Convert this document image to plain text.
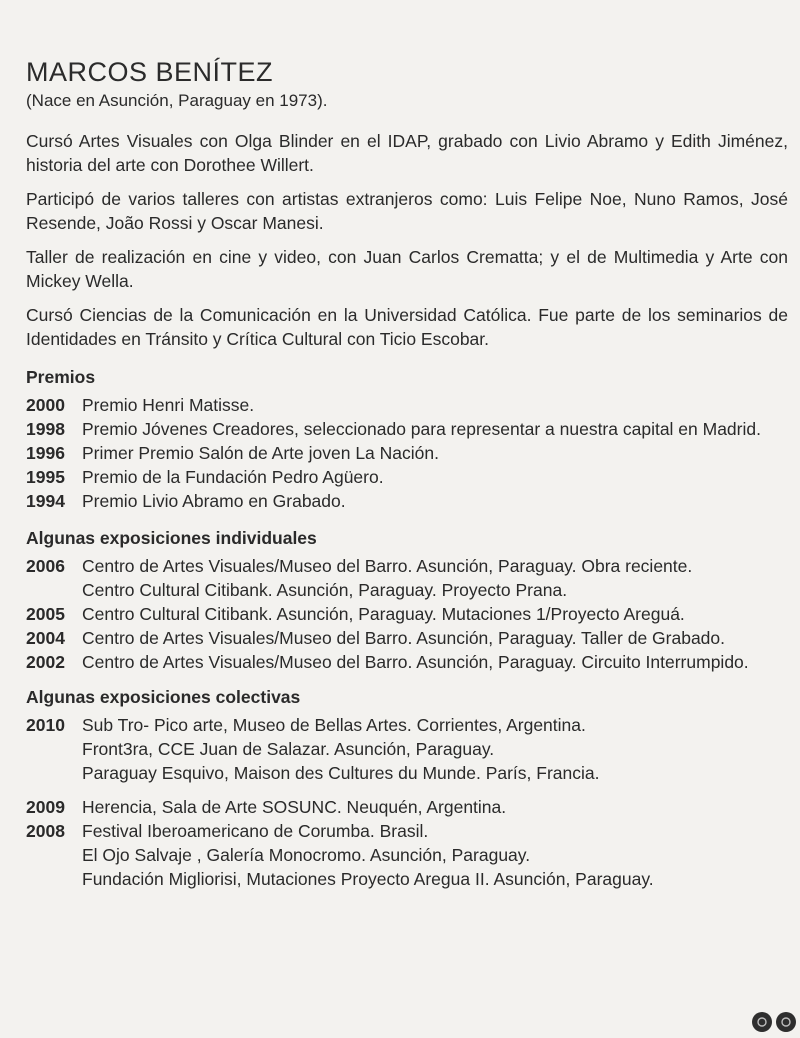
MARCOS BENÍTEZ

(Nace en Asunción, Paraguay en 1973).

Cursó Artes Visuales con Olga Blinder en el IDAP, grabado con Livio Abramo y Edith Jiménez, historia del arte con Dorothee Willert.

Participó de varios talleres con artistas extranjeros como: Luis Felipe Noe, Nuno Ramos, José Resende, João Rossi y Oscar Manesi.

Taller de realización en cine y video, con Juan Carlos Crematta; y el de Multimedia y Arte con Mickey Wella.

Cursó Ciencias de la Comunicación en la Universidad Católica. Fue parte de los seminarios de Identidades en Tránsito y Crítica Cultural con Ticio Escobar.

Premios
2000 Premio Henri Matisse.
1998 Premio Jóvenes Creadores, seleccionado para representar a nuestra capital en Madrid.
1996 Primer Premio Salón de Arte joven La Nación.
1995 Premio de la Fundación Pedro Agüero.
1994 Premio Livio Abramo en Grabado.
Algunas exposiciones individuales
2006 Centro de Artes Visuales/Museo del Barro. Asunción, Paraguay. Obra reciente.
Centro Cultural Citibank. Asunción, Paraguay. Proyecto Prana.
2005 Centro Cultural Citibank. Asunción, Paraguay. Mutaciones 1/Proyecto Areguá.
2004 Centro de Artes Visuales/Museo del Barro. Asunción, Paraguay. Taller de Grabado.
2002 Centro de Artes Visuales/Museo del Barro. Asunción, Paraguay. Circuito Interrumpido.
Algunas exposiciones colectivas
2010 Sub Tro- Pico arte, Museo de Bellas Artes. Corrientes, Argentina.
Front3ra, CCE Juan de Salazar. Asunción, Paraguay.
Paraguay Esquivo, Maison des Cultures du Munde. París, Francia.
2009 Herencia, Sala de Arte SOSUNC. Neuquén, Argentina.
2008 Festival Iberoamericano de Corumba. Brasil.
El Ojo Salvaje , Galería Monocromo. Asunción, Paraguay.
Fundación Migliorisi, Mutaciones Proyecto Aregua II. Asunción, Paraguay.
